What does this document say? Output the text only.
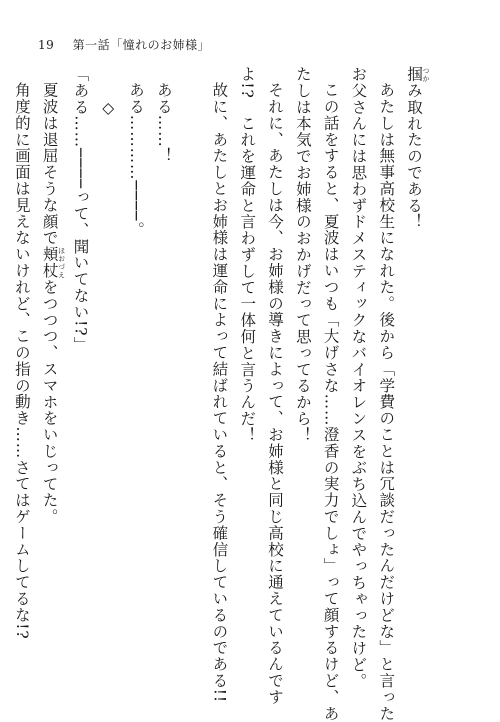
19 第一話「憧れのお姉様」
掴 つかみ取れたのである！
あたしは無事高校生になれた。後から「学費のことは冗談だったんだけどな」と言った
お父さんには思わずドメスティックなバイオレンスをぶち込んでやっちゃったけど。
この話をすると、夏波はいつも「大げさな……澄香の実力でしょ」って顔するけど、あ
たしは本気でお姉様のおかげだって思ってるから！
それに、あたしは今、お姉様の導きによって、お姉様と同じ高校に通えているんです
よ!?　これを運命と言わずして一体何と言うんだ！
故に、あたしとお姉様は運命によって結ばれていると、そう確信しているのである!!

ある……！
ある…………────。
◇
「ある……────って、聞いてない!?」
夏波は退屈そうな顔で頬杖 ほおづえをつつつ、スマホをいじってた。
角度的に画面は見えないけれど、この指の動き……さてはゲームしてるな!?
